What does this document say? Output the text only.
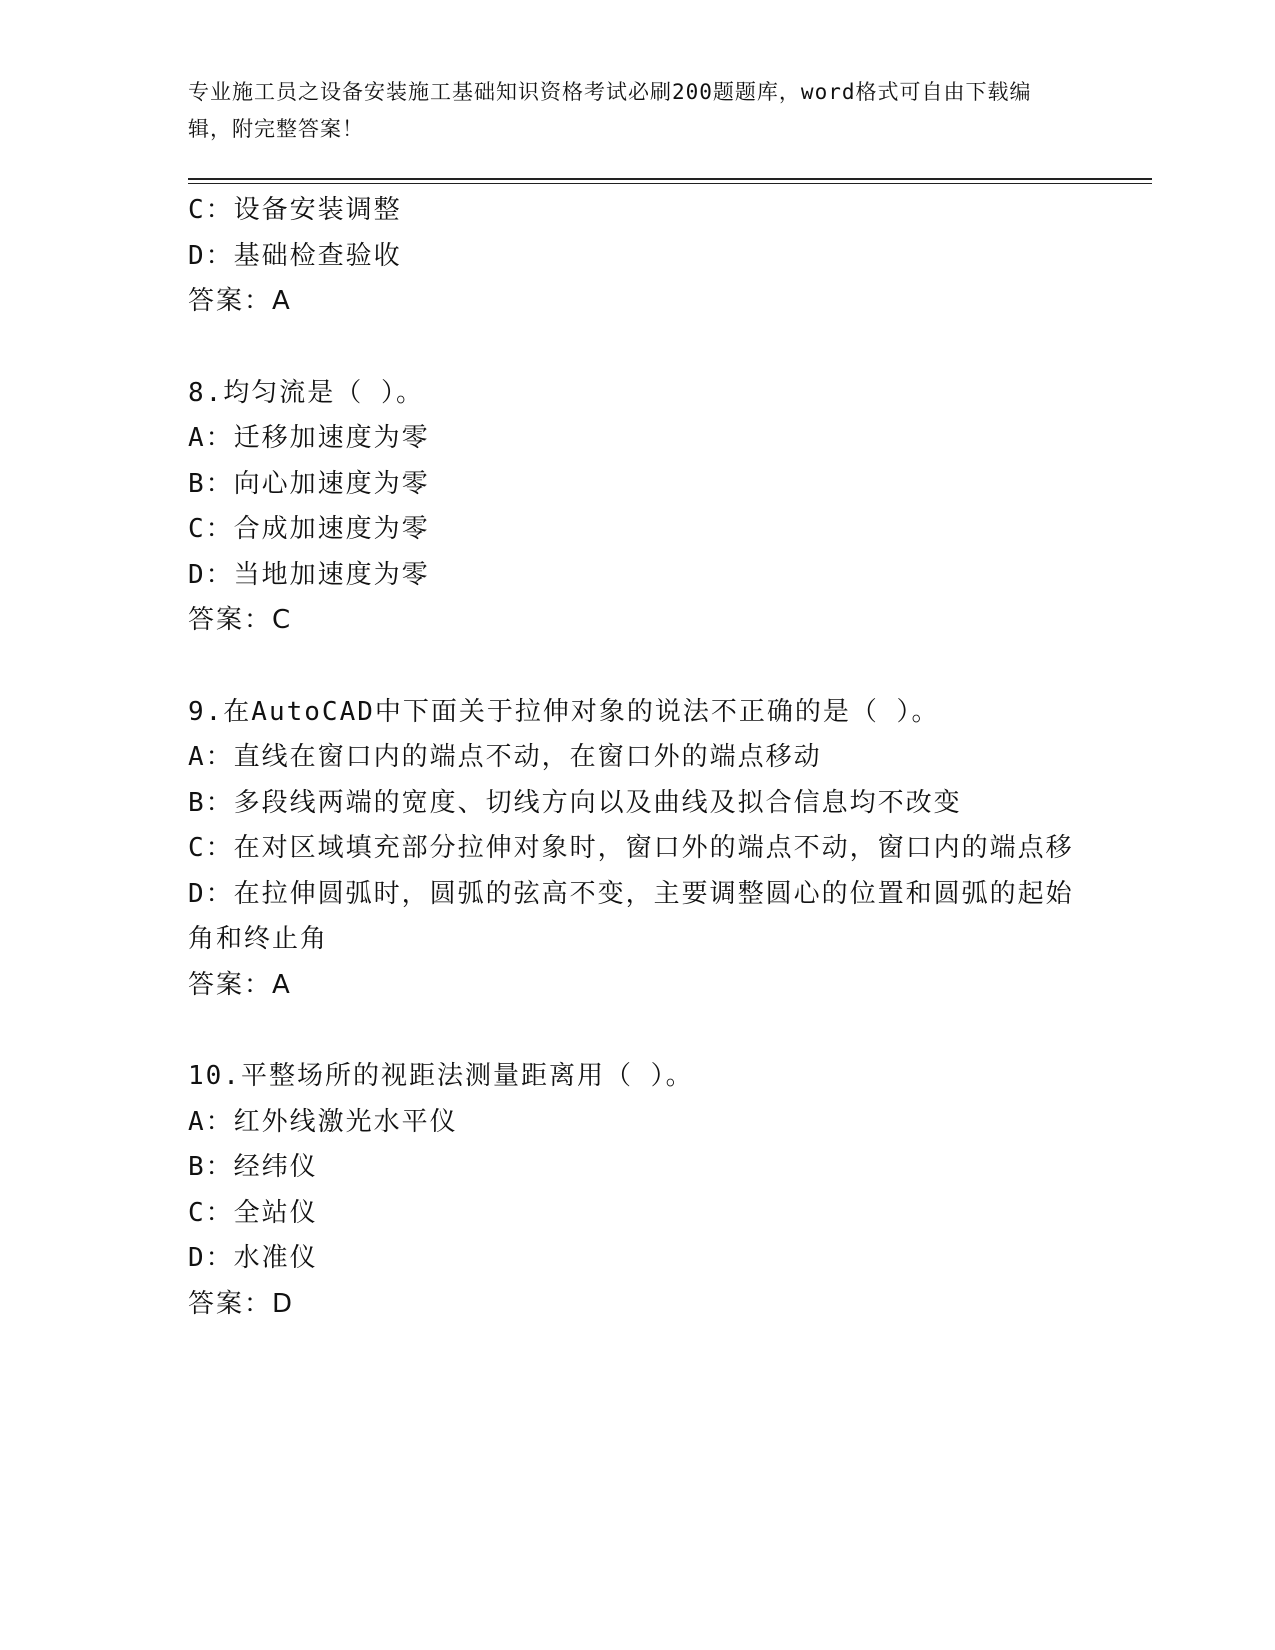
专业施工员之设备安装施工基础知识资格考试必刷200题题库，word格式可自由下载编辑，附完整答案！
C：设备安装调整
D：基础检查验收
答案：A
8.均匀流是（ ）。
A：迁移加速度为零
B：向心加速度为零
C：合成加速度为零
D：当地加速度为零
答案：C
9.在AutoCAD中下面关于拉伸对象的说法不正确的是（ ）。
A：直线在窗口内的端点不动，在窗口外的端点移动
B：多段线两端的宽度、切线方向以及曲线及拟合信息均不改变
C：在对区域填充部分拉伸对象时，窗口外的端点不动，窗口内的端点移
D：在拉伸圆弧时，圆弧的弦高不变，主要调整圆心的位置和圆弧的起始角和终止角
答案：A
10.平整场所的视距法测量距离用（ ）。
A：红外线激光水平仪
B：经纬仪
C：全站仪
D：水准仪
答案：D
